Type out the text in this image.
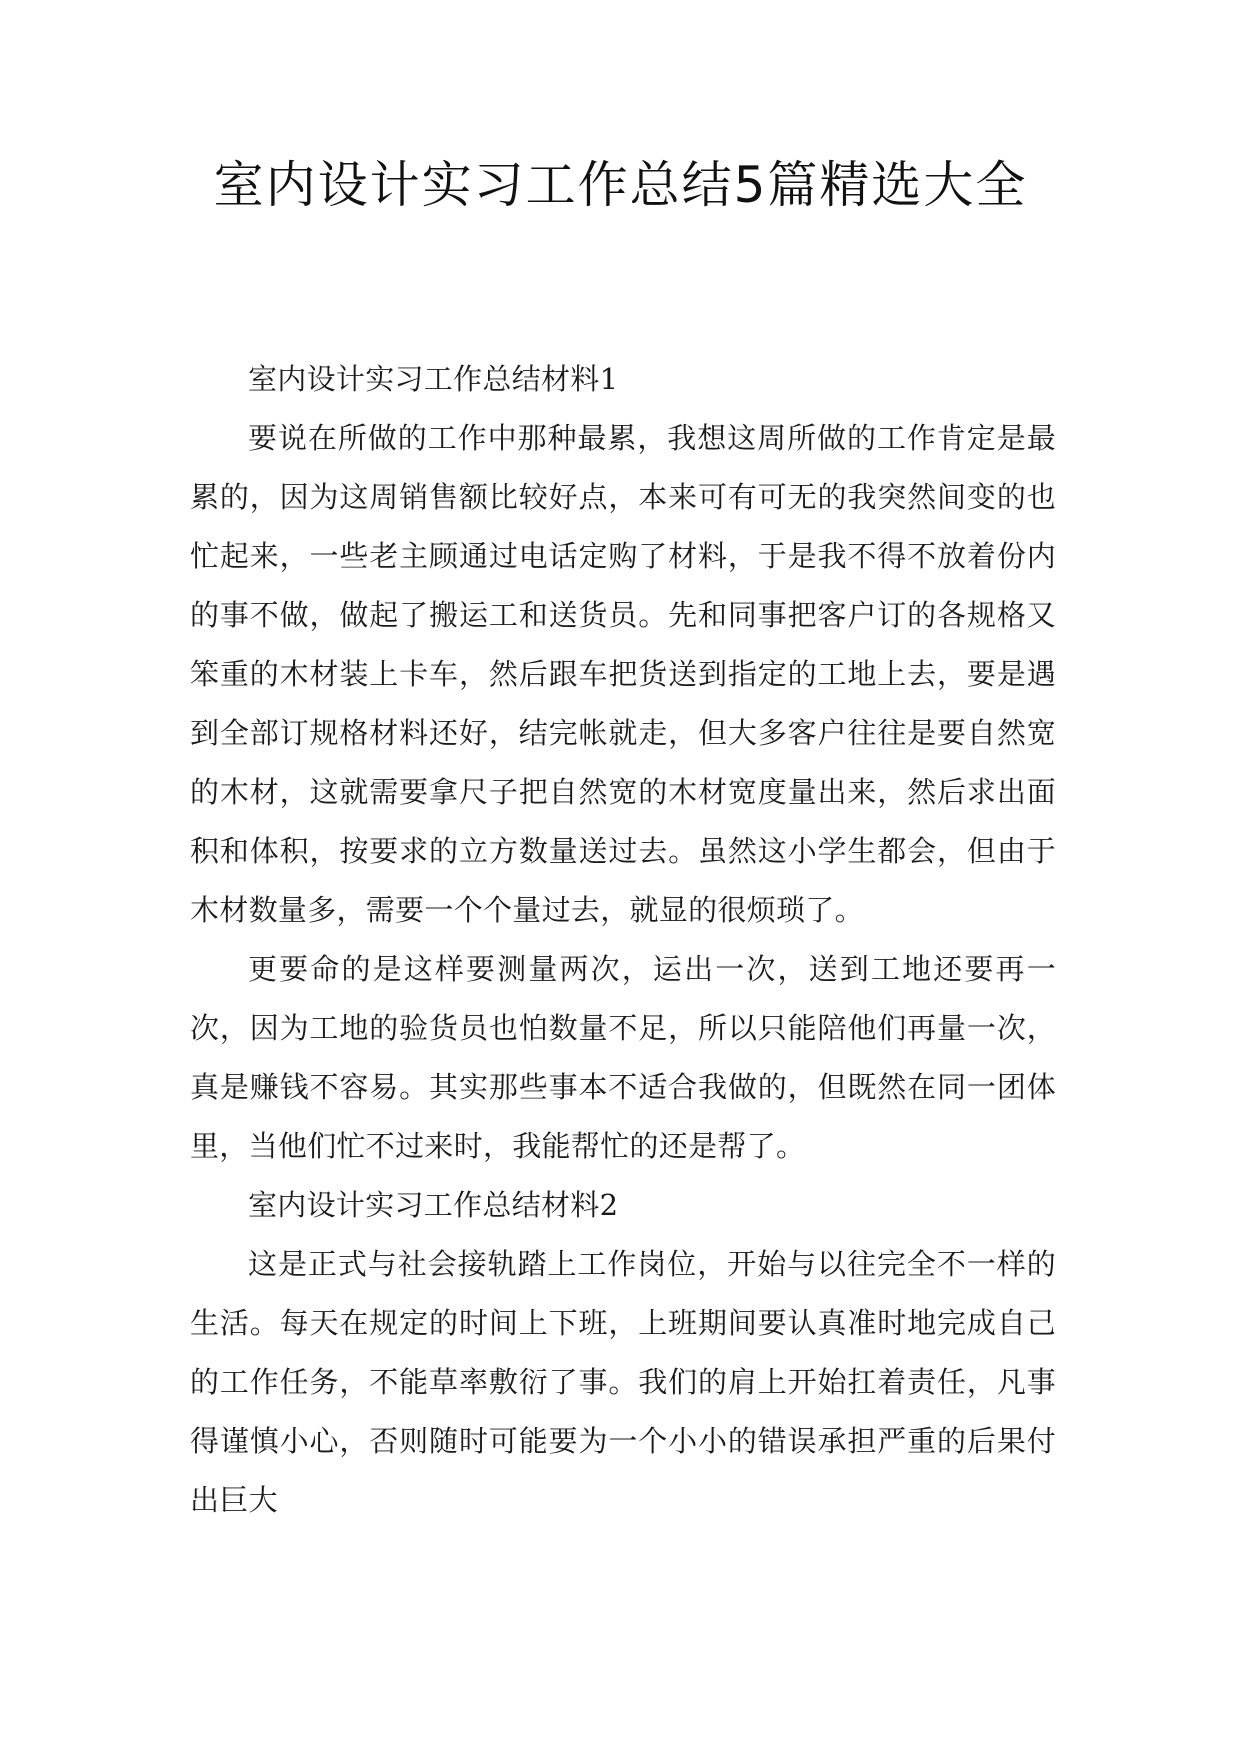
室内设计实习工作总结5篇精选大全

室内设计实习工作总结材料1

要说在所做的工作中那种最累，我想这周所做的工作肯定是最累的，因为这周销售额比较好点，本来可有可无的我突然间变的也忙起来，一些老主顾通过电话定购了材料，于是我不得不放着份内的事不做，做起了搬运工和送货员。先和同事把客户订的各规格又笨重的木材装上卡车，然后跟车把货送到指定的工地上去，要是遇到全部订规格材料还好，结完帐就走，但大多客户往往是要自然宽的木材，这就需要拿尺子把自然宽的木材宽度量出来，然后求出面积和体积，按要求的立方数量送过去。虽然这小学生都会，但由于木材数量多，需要一个个量过去，就显的很烦琐了。

更要命的是这样要测量两次，运出一次，送到工地还要再一次，因为工地的验货员也怕数量不足，所以只能陪他们再量一次，真是赚钱不容易。其实那些事本不适合我做的，但既然在同一团体里，当他们忙不过来时，我能帮忙的还是帮了。

室内设计实习工作总结材料2

这是正式与社会接轨踏上工作岗位，开始与以往完全不一样的生活。每天在规定的时间上下班，上班期间要认真准时地完成自己的工作任务，不能草率敷衍了事。我们的肩上开始扛着责任，凡事得谨慎小心，否则随时可能要为一个小小的错误承担严重的后果付出巨大
